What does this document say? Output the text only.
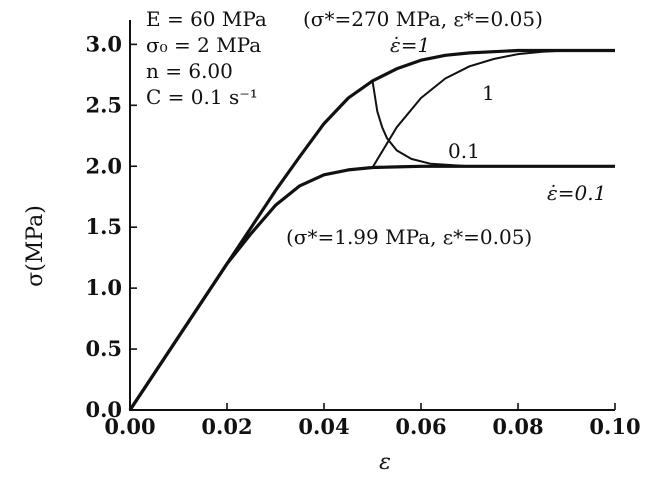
0.00 0.02 0.04 0.06 0.08 0.10
0.0
0.5
1.0
1.5
2.0
2.5
3.0
ε
σ(MPa)
E = 60 MPa
σ₀ = 2 MPa
n = 6.00
C = 0.1 s⁻¹
(σ*=270 MPa, ε*=0.05)
(σ*=1.99 MPa, ε*=0.05)
ε̇=1
ε̇=0.1
1
0.1
